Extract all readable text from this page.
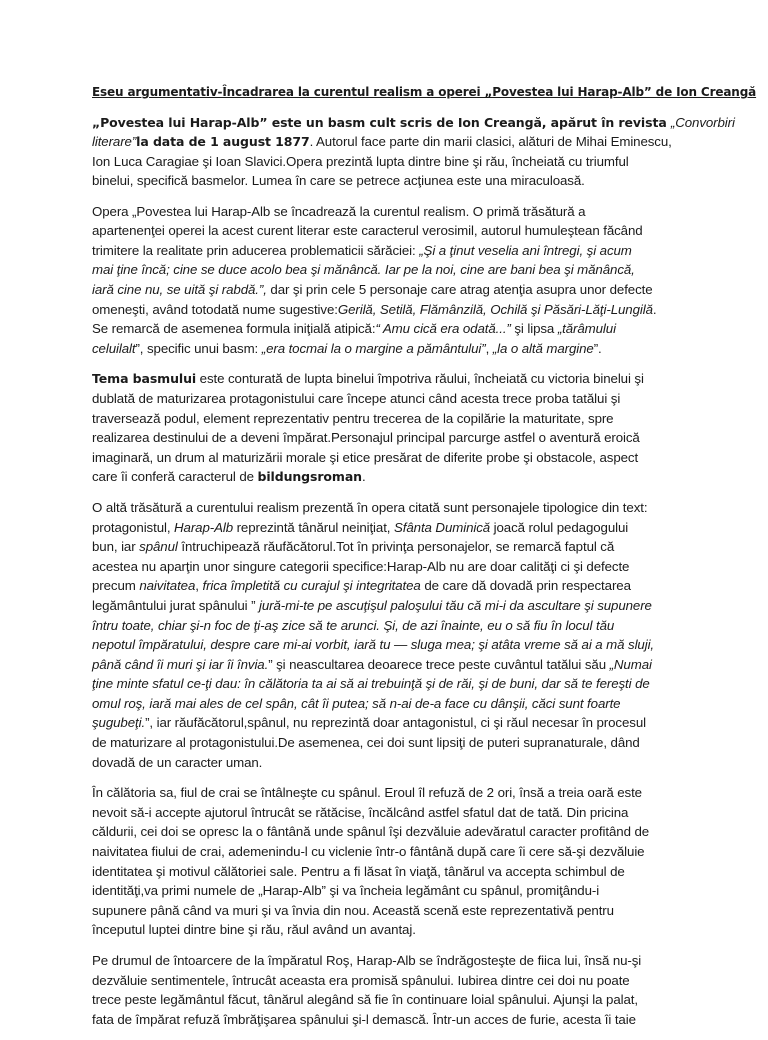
Eseu argumentativ-Încadrarea la curentul realism a operei „Povestea lui Harap-Alb” de Ion Creangă

„Povestea lui Harap-Alb” este un basm cult scris de Ion Creangă, apărut în revista „Convorbiri
literare”la data de 1 august 1877. Autorul face parte din marii clasici, alături de Mihai Eminescu,
Ion Luca Caragiae şi Ioan Slavici.Opera prezintă lupta dintre bine şi rău, încheiată cu triumful
binelui, specifică basmelor. Lumea în care se petrece acţiunea este una miraculoasă.

Opera „Povestea lui Harap-Alb se încadrează la curentul realism. O primă trăsătură a
apartenenţei operei la acest curent literar este caracterul verosimil, autorul humuleştean făcând
trimitere la realitate prin aducerea problematicii sărăciei: „Şi a ţinut veselia ani întregi, şi acum
mai ţine încă; cine se duce acolo bea şi mănâncă. Iar pe la noi, cine are bani bea şi mănâncă,
iară cine nu, se uită şi rabdă.”, dar şi prin cele 5 personaje care atrag atenţia asupra unor defecte
omeneşti, având totodată nume sugestive:Gerilă, Setilă, Flămânzilă, Ochilă şi Păsări-Lăţi-Lungilă.
Se remarcă de asemenea formula iniţială atipică:“ Amu cică era odată...” şi lipsa „tărâmului
celuilalt”, specific unui basm: „era tocmai la o margine a pământului”, „la o altă margine”.

Tema basmului este conturată de lupta binelui împotriva răului, încheiată cu victoria binelui şi
dublată de maturizarea protagonistului care începe atunci când acesta trece proba tatălui şi
traversează podul, element reprezentativ pentru trecerea de la copilărie la maturitate, spre
realizarea destinului de a deveni împărat.Personajul principal parcurge astfel o aventură eroică
imaginară, un drum al maturizării morale şi etice presărat de diferite probe şi obstacole, aspect
care îi conferă caracterul de bildungsroman.

O altă trăsătură a curentului realism prezentă în opera citată sunt personajele tipologice din text:
protagonistul, Harap-Alb reprezintă tânărul neiniţiat, Sfânta Duminică joacă rolul pedagogului
bun, iar spânul întruchipează răufăcătorul.Tot în privinţa personajelor, se remarcă faptul că
acestea nu aparţin unor singure categorii specifice:Harap-Alb nu are doar calităţi ci şi defecte
precum naivitatea, frica împletită cu curajul şi integritatea de care dă dovadă prin respectarea
legământului jurat spânului ” jură-mi-te pe ascuţişul paloşului tău că mi-i da ascultare şi supunere
întru toate, chiar şi-n foc de ţi-aş zice să te arunci. Şi, de azi înainte, eu o să fiu în locul tău
nepotul împăratului, despre care mi-ai vorbit, iară tu — sluga mea; şi atâta vreme să ai a mă sluji,
până când îi muri şi iar îi învia.” şi neascultarea deoarece trece peste cuvântul tatălui său „Numai
ţine minte sfatul ce-ţi dau: în călătoria ta ai să ai trebuinţă şi de răi, şi de buni, dar să te fereşti de
omul roş, iară mai ales de cel spân, cât îi putea; să n-ai de-a face cu dânşii, căci sunt foarte
şugubeţi.”, iar răufăcătorul,spânul, nu reprezintă doar antagonistul, ci şi răul necesar în procesul
de maturizare al protagonistului.De asemenea, cei doi sunt lipsiţi de puteri supranaturale, dând
dovadă de un caracter uman.

În călătoria sa, fiul de crai se întâlneşte cu spânul. Eroul îl refuză de 2 ori, însă a treia oară este
nevoit să-i accepte ajutorul întrucât se rătăcise, încălcând astfel sfatul dat de tată. Din pricina
căldurii, cei doi se opresc la o fântână unde spânul îşi dezvăluie adevăratul caracter profitând de
naivitatea fiului de crai, ademenindu-l cu viclenie într-o fântână după care îi cere să-şi dezvăluie
identitatea şi motivul călătoriei sale. Pentru a fi lăsat în viaţă, tânărul va accepta schimbul de
identităţi,va primi numele de „Harap-Alb” şi va încheia legământ cu spânul, promiţându-i
supunere până când va muri şi va învia din nou. Această scenă este reprezentativă pentru
începutul luptei dintre bine şi rău, răul având un avantaj.

Pe drumul de întoarcere de la împăratul Roş, Harap-Alb se îndrăgosteşte de fiica lui, însă nu-şi
dezvăluie sentimentele, întrucât aceasta era promisă spânului. Iubirea dintre cei doi nu poate
trece peste legământul făcut, tânărul alegând să fie în continuare loial spânului. Ajunşi la palat,
fata de împărat refuză îmbrăţişarea spânului şi-l demască. Într-un acces de furie, acesta îi taie
